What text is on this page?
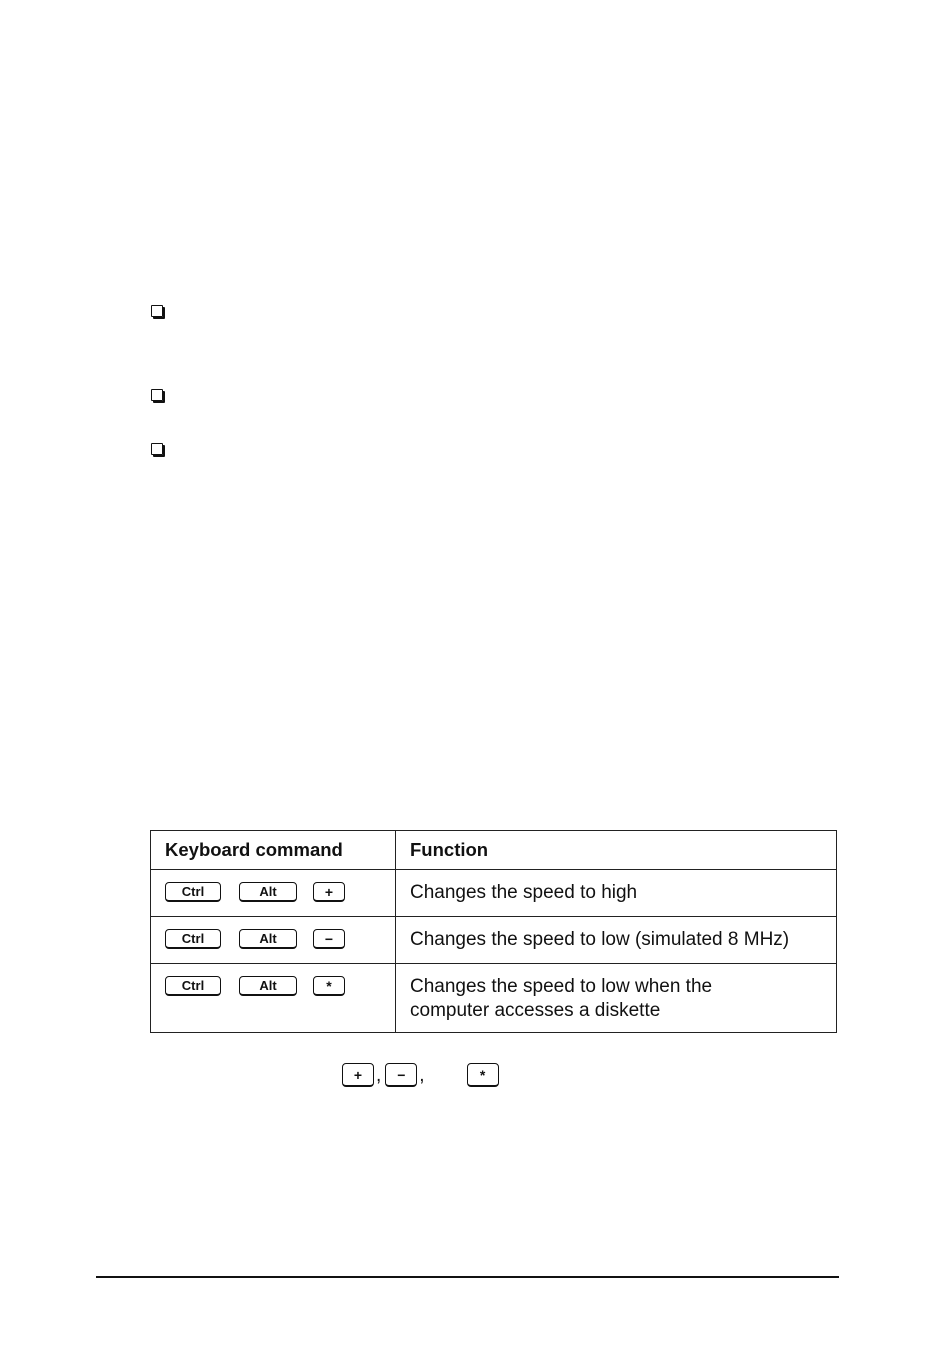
Keyboard command	Function

Ctrl Alt +	Changes the speed to high

Ctrl Alt −	Changes the speed to low (simulated 8 MHz)

Ctrl Alt *	Changes the speed to low when the
computer accesses a diskette
+ ,	− ,	*
